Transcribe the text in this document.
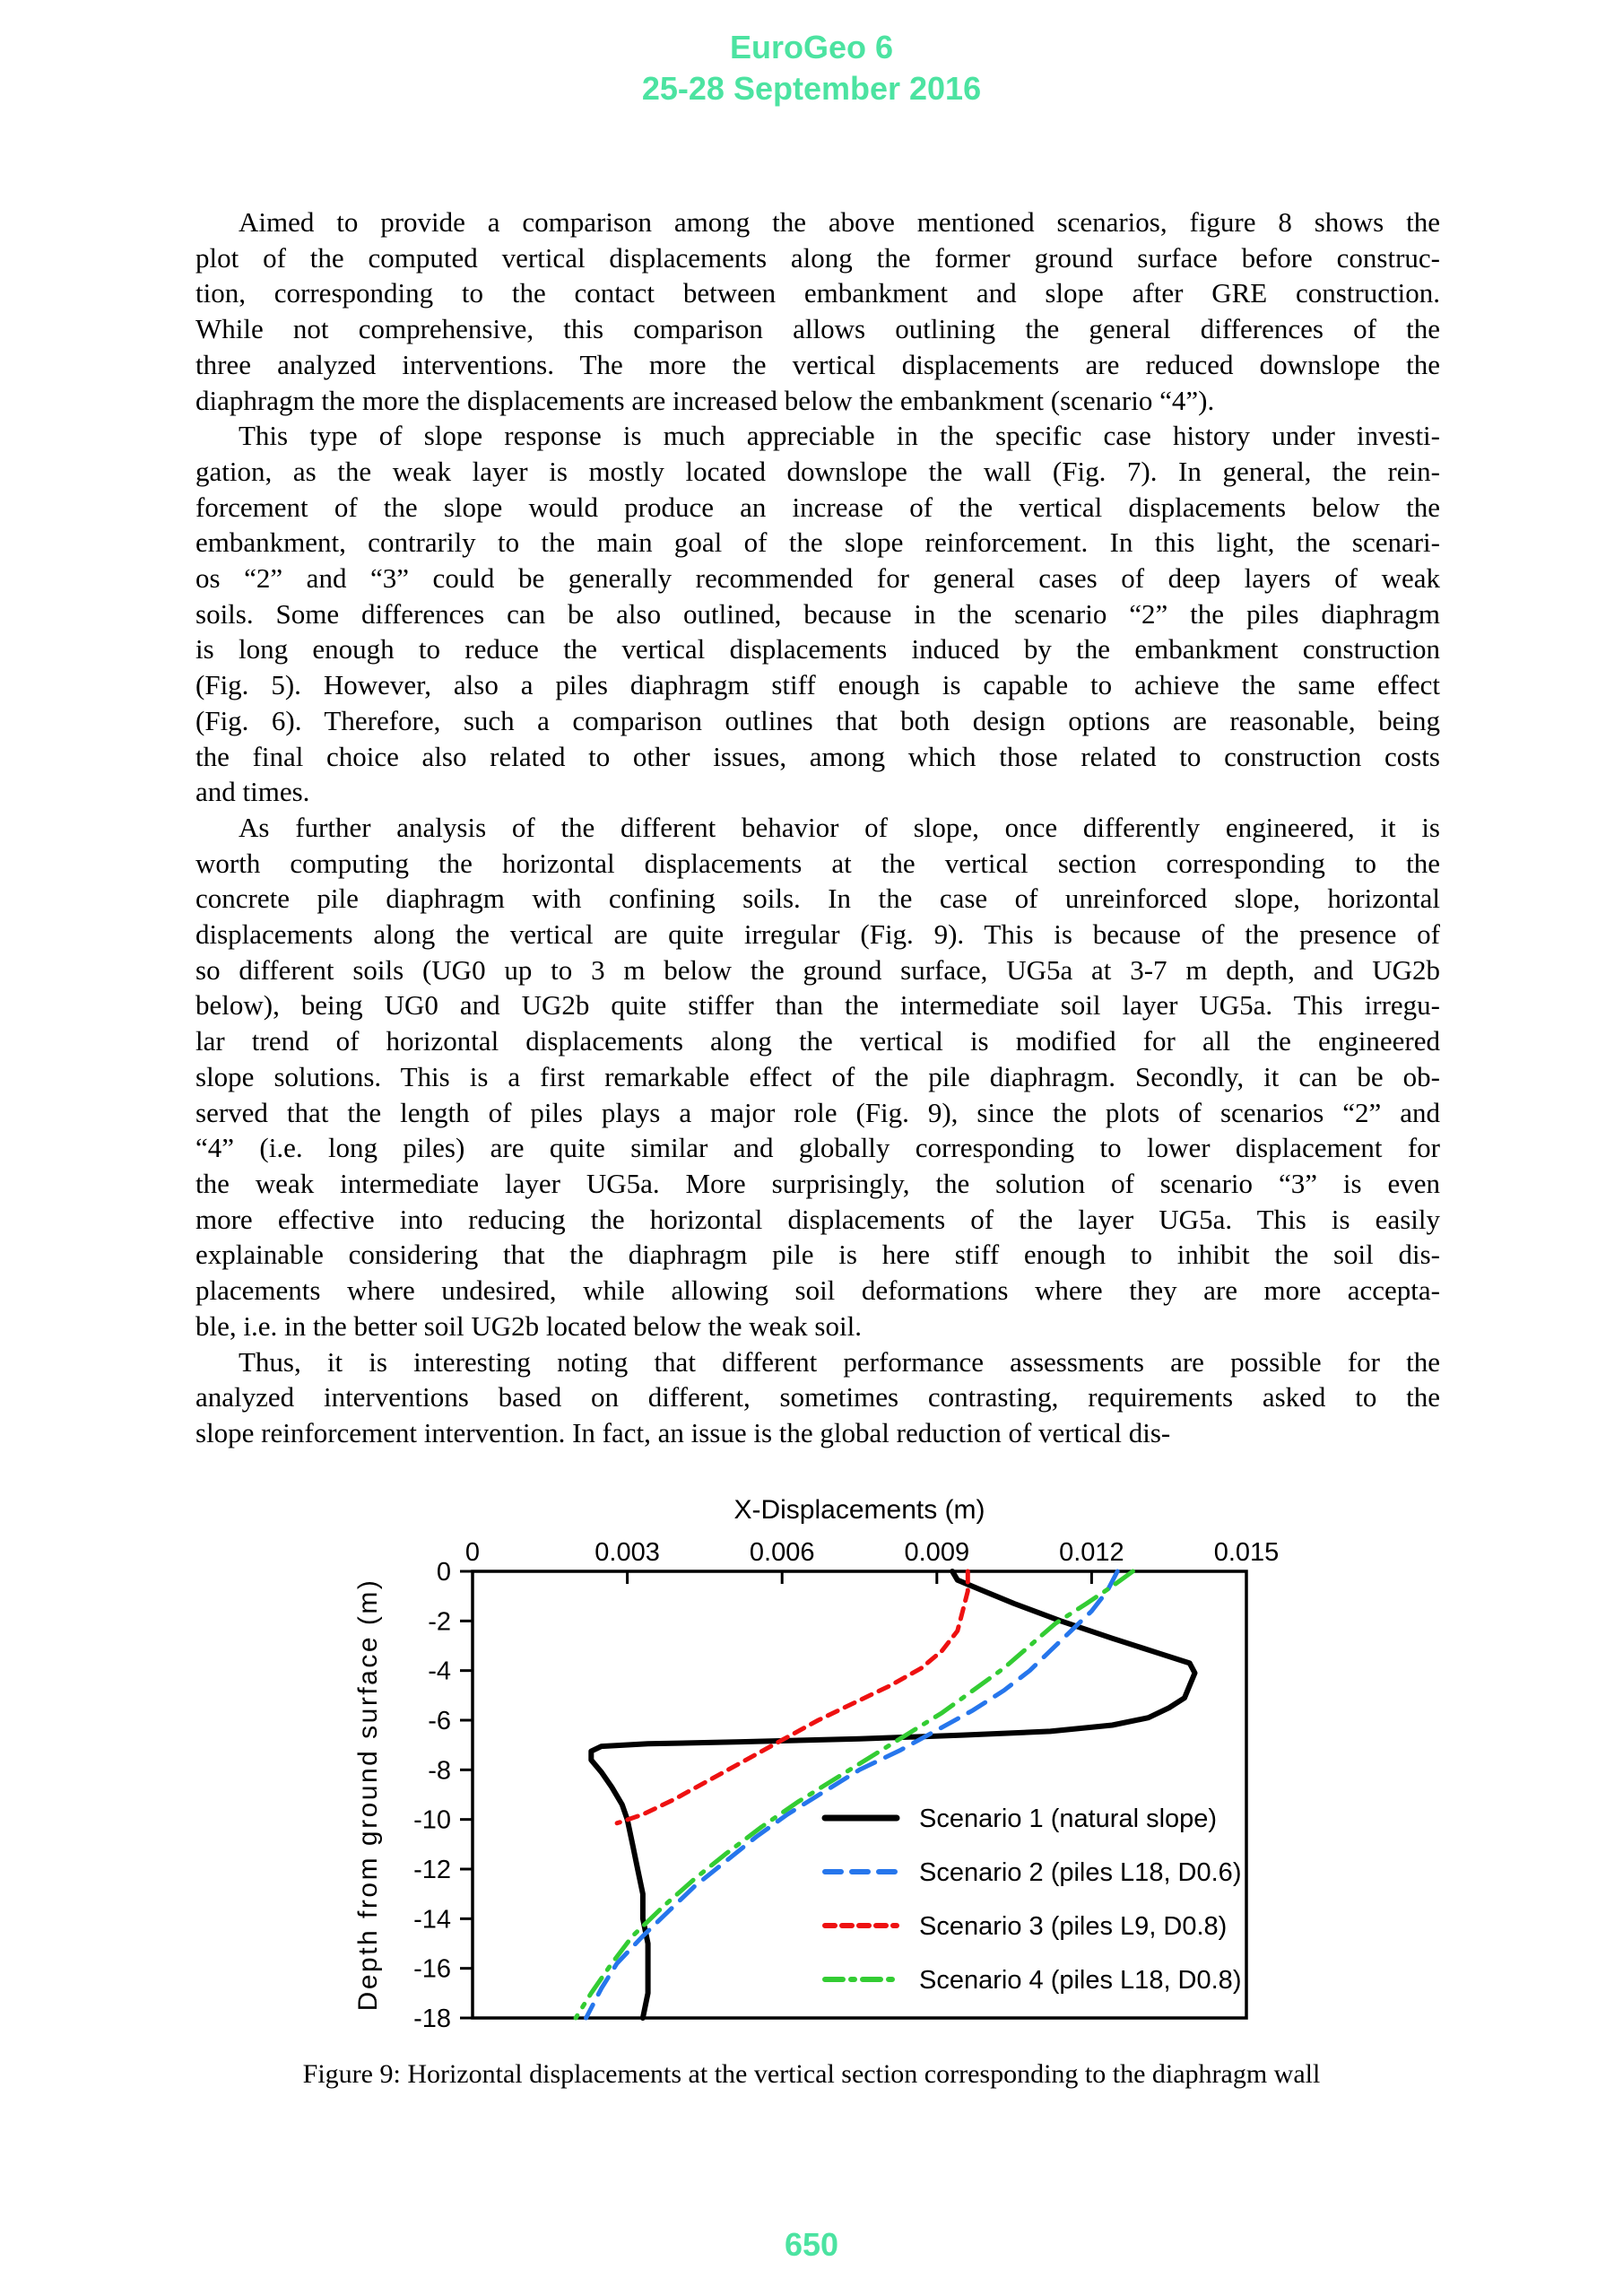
EuroGeo 6
25-28 September 2016
Aimed to provide a comparison among the above mentioned scenarios, figure 8 shows the
plot of the computed vertical displacements along the former ground surface before construc-
tion, corresponding to the contact between embankment and slope after GRE construction.
While not comprehensive, this comparison allows outlining the general differences of the
three analyzed interventions. The more the vertical displacements are reduced downslope the
diaphragm the more the displacements are increased below the embankment (scenario “4”).
This type of slope response is much appreciable in the specific case history under investi-
gation, as the weak layer is mostly located downslope the wall (Fig. 7). In general, the rein-
forcement of the slope would produce an increase of the vertical displacements below the
embankment, contrarily to the main goal of the slope reinforcement. In this light, the scenari-
os “2” and “3” could be generally recommended for general cases of deep layers of weak
soils. Some differences can be also outlined, because in the scenario “2” the piles diaphragm
is long enough to reduce the vertical displacements induced by the embankment construction
(Fig. 5). However, also a piles diaphragm stiff enough is capable to achieve the same effect
(Fig. 6). Therefore, such a comparison outlines that both design options are reasonable, being
the final choice also related to other issues, among which those related to construction costs
and times.
As further analysis of the different behavior of slope, once differently engineered, it is
worth computing the horizontal displacements at the vertical section corresponding to the
concrete pile diaphragm with confining soils. In the case of unreinforced slope, horizontal
displacements along the vertical are quite irregular (Fig. 9). This is because of the presence of
so different soils (UG0 up to 3 m below the ground surface, UG5a at 3-7 m depth, and UG2b
below), being UG0 and UG2b quite stiffer than the intermediate soil layer UG5a. This irregu-
lar trend of horizontal displacements along the vertical is modified for all the engineered
slope solutions. This is a first remarkable effect of the pile diaphragm. Secondly, it can be ob-
served that the length of piles plays a major role (Fig. 9), since the plots of scenarios “2” and
“4” (i.e. long piles) are quite similar and globally corresponding to lower displacement for
the weak intermediate layer UG5a. More surprisingly, the solution of scenario “3” is even
more effective into reducing the horizontal displacements of the layer UG5a. This is easily
explainable considering that the diaphragm pile is here stiff enough to inhibit the soil dis-
placements where undesired, while allowing soil deformations where they are more accepta-
ble, i.e. in the better soil UG2b located below the weak soil.
Thus, it is interesting noting that different performance assessments are possible for the
analyzed interventions based on different, sometimes contrasting, requirements asked to the
slope reinforcement intervention. In fact, an issue is the global reduction of vertical dis-
X-Displacements (m)
0	0.003	0.006	0.009	0.012	0.015
0
-2
-4
-6
-8
-10
-12
-14
-16
-18
Depth from ground surface (m)	Scenario 1 (natural slope)
Scenario 2 (piles L18, D0.6)
Scenario 3 (piles L9, D0.8)
Scenario 4 (piles L18, D0.8)
Figure 9: Horizontal displacements at the vertical section corresponding to the diaphragm wall
650
